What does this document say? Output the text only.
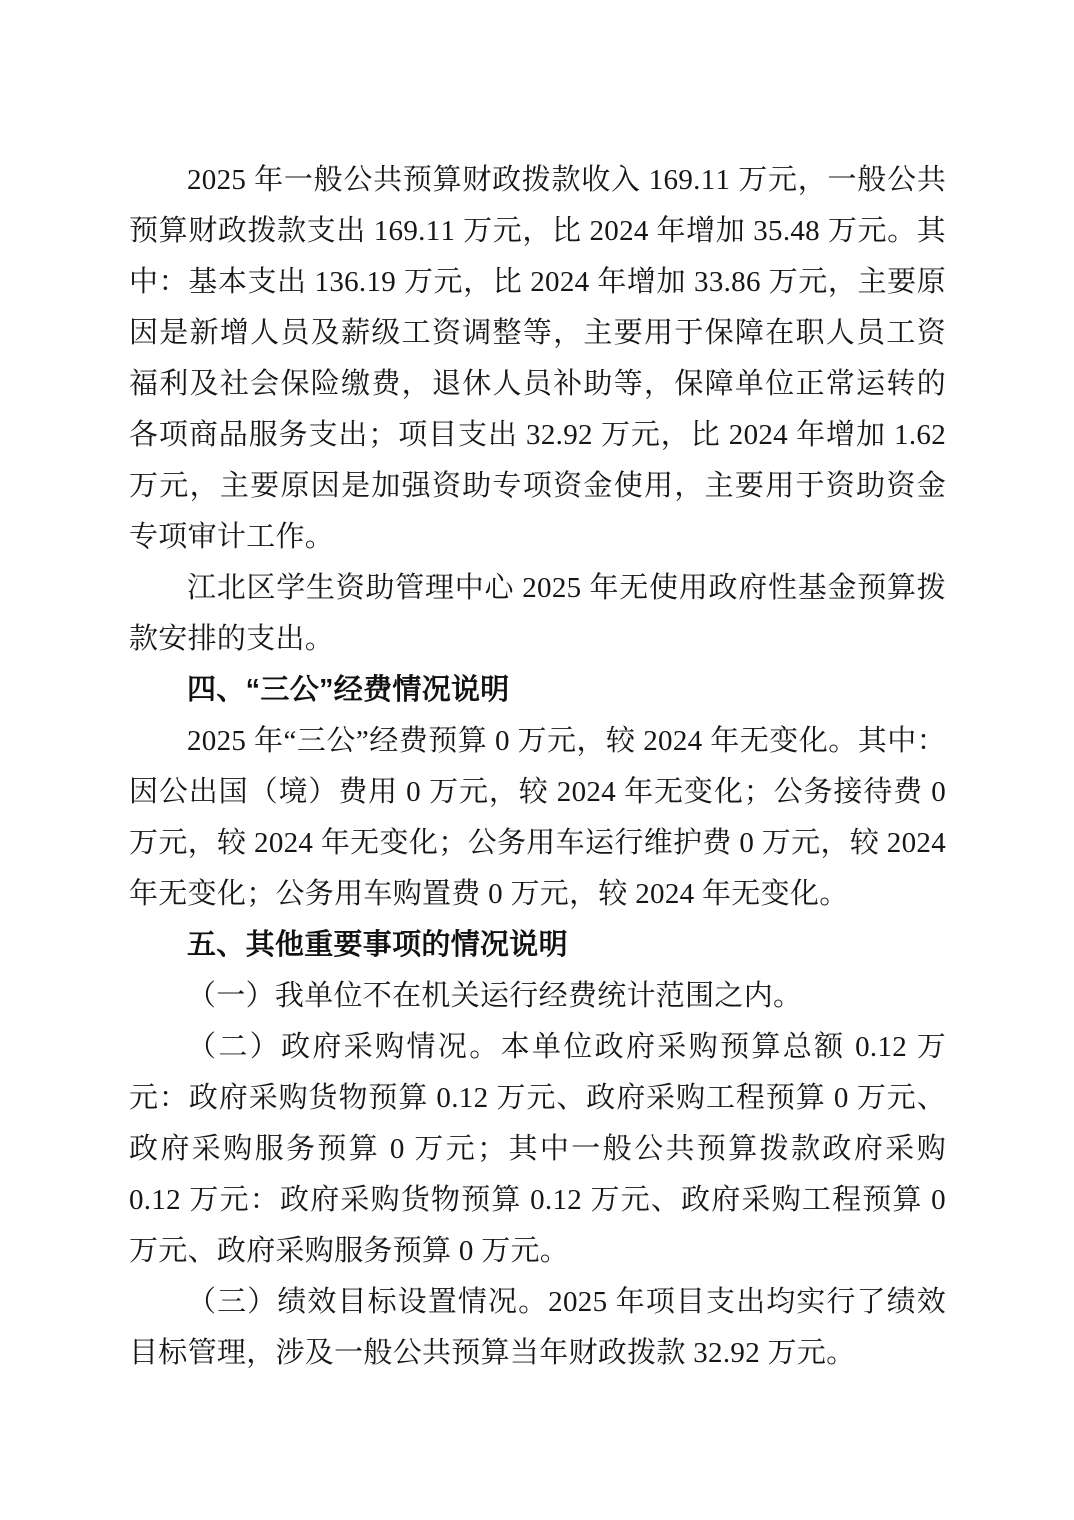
2025 年一般公共预算财政拨款收入 169.11 万元，一般公共预算财政拨款支出 169.11 万元，比 2024 年增加 35.48 万元。其中：基本支出 136.19 万元，比 2024 年增加 33.86 万元，主要原因是新增人员及薪级工资调整等，主要用于保障在职人员工资福利及社会保险缴费，退休人员补助等，保障单位正常运转的各项商品服务支出；项目支出 32.92 万元，比 2024 年增加 1.62 万元，主要原因是加强资助专项资金使用，主要用于资助资金专项审计工作。

江北区学生资助管理中心 2025 年无使用政府性基金预算拨款安排的支出。

四、“三公”经费情况说明

2025 年“三公”经费预算 0 万元，较 2024 年无变化。其中：因公出国（境）费用 0 万元，较 2024 年无变化；公务接待费 0 万元，较 2024 年无变化；公务用车运行维护费 0 万元，较 2024 年无变化；公务用车购置费 0 万元，较 2024 年无变化。

五、其他重要事项的情况说明

（一）我单位不在机关运行经费统计范围之内。

（二）政府采购情况。本单位政府采购预算总额 0.12 万元：政府采购货物预算 0.12 万元、政府采购工程预算 0 万元、政府采购服务预算 0 万元；其中一般公共预算拨款政府采购 0.12 万元：政府采购货物预算 0.12 万元、政府采购工程预算 0 万元、政府采购服务预算 0 万元。

（三）绩效目标设置情况。2025 年项目支出均实行了绩效目标管理，涉及一般公共预算当年财政拨款 32.92 万元。
